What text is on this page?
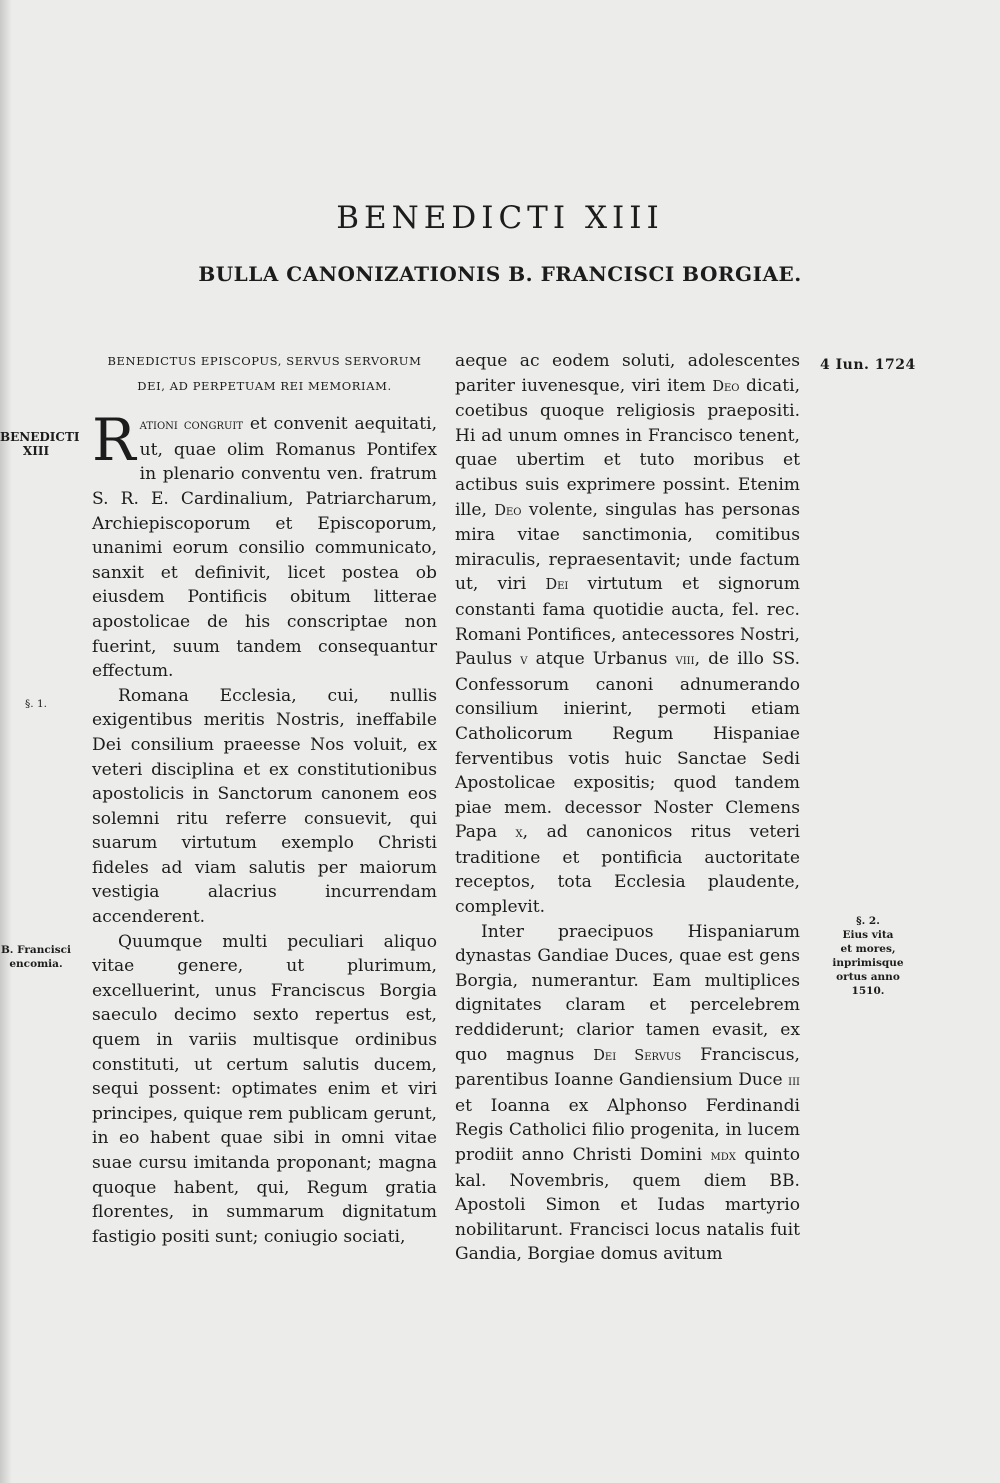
BENEDICTI XIII
BULLA CANONIZATIONIS B. FRANCISCI BORGIAE.
BENEDICTI
XIII
§. 1.
B. Francisci
encomia.
4 Iun. 1724
§. 2.
Eius vita
et mores,
inprimisque
ortus anno
1510.
BENEDICTUS EPISCOPUS, SERVUS SERVORUM
DEI, AD PERPETUAM REI MEMORIAM.

Rationi congruit et convenit aequitati, ut, quae olim Romanus Pontifex in plenario conventu ven. fratrum S. R. E. Cardinalium, Patriarcharum, Archiepiscoporum et Episcoporum, unanimi eorum consilio communicato, sanxit et definivit, licet postea ob eiusdem Pontificis obitum litterae apostolicae de his conscriptae non fuerint, suum tandem consequantur effectum.

Romana Ecclesia, cui, nullis exigentibus meritis Nostris, ineffabile Dei consilium praeesse Nos voluit, ex veteri disciplina et ex constitutionibus apostolicis in Sanctorum canonem eos solemni ritu referre consuevit, qui suarum virtutum exemplo Christi fideles ad viam salutis per maiorum vestigia alacrius incurrendam accenderent.

Quumque multi peculiari aliquo vitae genere, ut plurimum, excelluerint, unus Franciscus Borgia saeculo decimo sexto repertus est, quem in variis multisque ordinibus constituti, ut certum salutis ducem, sequi possent: optimates enim et viri principes, quique rem publicam gerunt, in eo habent quae sibi in omni vitae suae cursu imitanda proponant; magna quoque habent, qui, Regum gratia florentes, in summarum dignitatum fastigio positi sunt; coniugio sociati,

aeque ac eodem soluti, adolescentes pariter iuvenesque, viri item Deo dicati, coetibus quoque religiosis praepositi. Hi ad unum omnes in Francisco tenent, quae ubertim et tuto moribus et actibus suis exprimere possint. Etenim ille, Deo volente, singulas has personas mira vitae sanctimonia, comitibus miraculis, repraesentavit; unde factum ut, viri Dei virtutum et signorum constanti fama quotidie aucta, fel. rec. Romani Pontifices, antecessores Nostri, Paulus v atque Urbanus viii, de illo SS. Confessorum canoni adnumerando consilium inierint, permoti etiam Catholicorum Regum Hispaniae ferventibus votis huic Sanctae Sedi Apostolicae expositis; quod tandem piae mem. decessor Noster Clemens Papa x, ad canonicos ritus veteri traditione et pontificia auctoritate receptos, tota Ecclesia plaudente, complevit.

Inter praecipuos Hispaniarum dynastas Gandiae Duces, quae est gens Borgia, numerantur. Eam multiplices dignitates claram et percelebrem reddiderunt; clarior tamen evasit, ex quo magnus Dei Servus Franciscus, parentibus Ioanne Gandiensium Duce iii et Ioanna ex Alphonso Ferdinandi Regis Catholici filio progenita, in lucem prodiit anno Christi Domini mdx quinto kal. Novembris, quem diem BB. Apostoli Simon et Iudas martyrio nobilitarunt. Francisci locus natalis fuit Gandia, Borgiae domus avitum
